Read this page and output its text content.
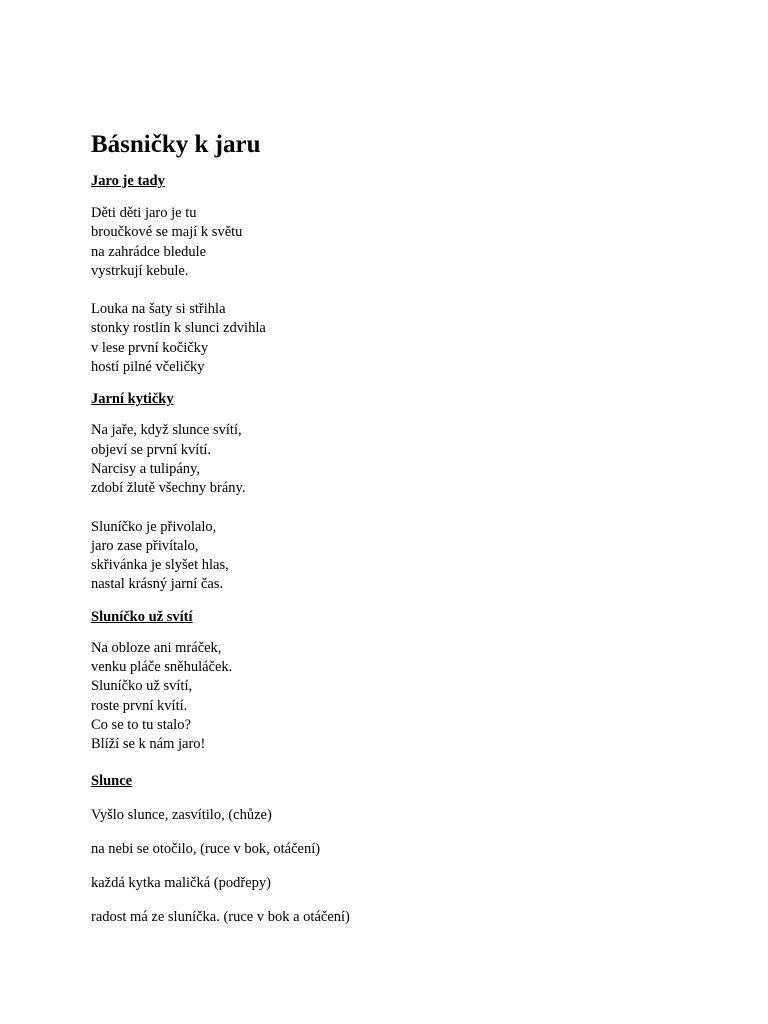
Básničky k jaru
Jaro je tady
Děti děti jaro je tu
broučkové se mají k světu
na zahrádce bledule
vystrkují kebule.
Louka na šaty si střihla
stonky rostlin k slunci zdvihla
v lese první kočičky
hostí pilné včeličky
Jarní kytičky
Na jaře, když slunce svítí,
objeví se první kvítí.
Narcisy a tulipány,
zdobí žlutě všechny brány.
Sluníčko je přivolalo,
jaro zase přivítalo,
skřivánka je slyšet hlas,
nastal krásný jarní čas.
Sluníčko už svítí
Na obloze ani mráček,
venku pláče sněhuláček.
Sluníčko už svítí,
roste první kvítí.
Co se to tu stalo?
Blíží se k nám jaro!
Slunce
Vyšlo slunce, zasvítilo, (chůze)
na nebi se otočilo, (ruce v bok, otáčení)
každá kytka maličká (podřepy)
radost má ze sluníčka. (ruce v bok a otáčení)
